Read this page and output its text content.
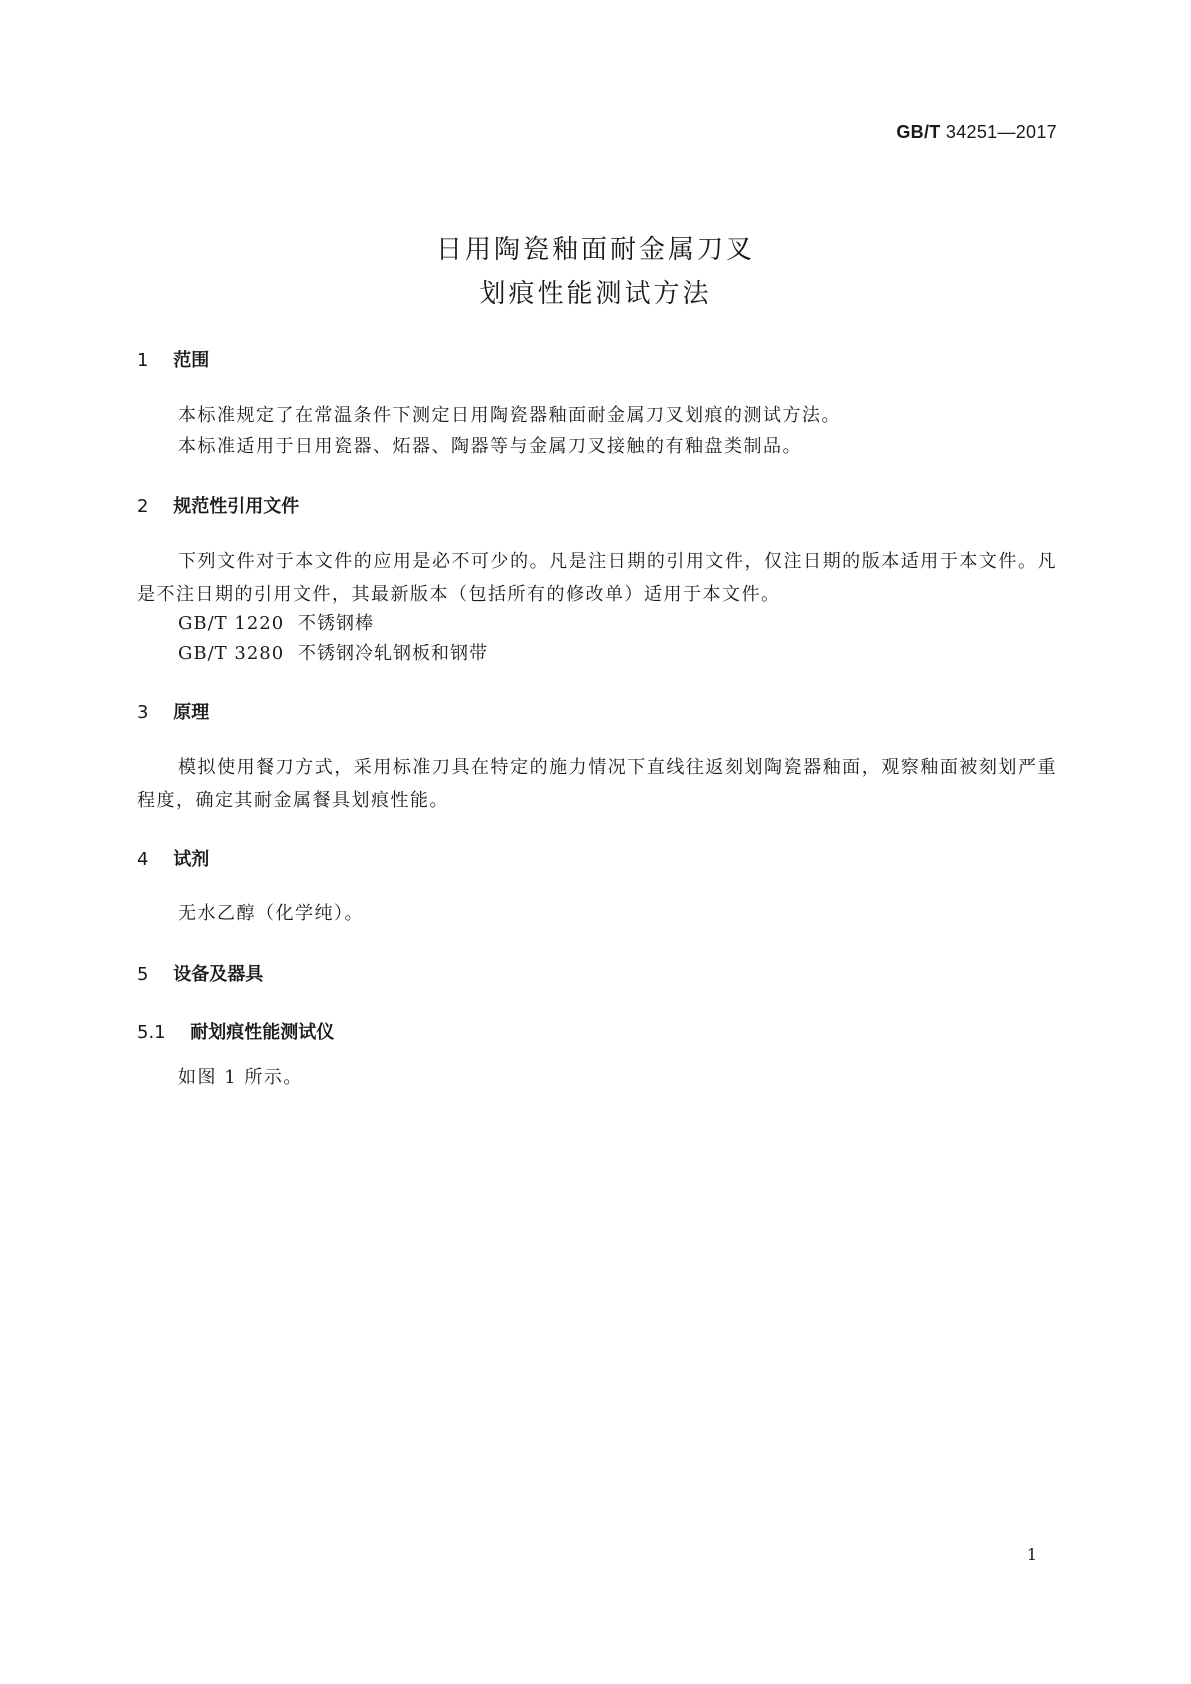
GB/T 34251—2017
日用陶瓷釉面耐金属刀叉
划痕性能测试方法
1 范围

本标准规定了在常温条件下测定日用陶瓷器釉面耐金属刀叉划痕的测试方法。

本标准适用于日用瓷器、炻器、陶器等与金属刀叉接触的有釉盘类制品。

2 规范性引用文件

下列文件对于本文件的应用是必不可少的。凡是注日期的引用文件，仅注日期的版本适用于本文件。凡是不注日期的引用文件，其最新版本（包括所有的修改单）适用于本文件。

GB/T 1220 不锈钢棒
GB/T 3280 不锈钢冷轧钢板和钢带
3 原理

模拟使用餐刀方式，采用标准刀具在特定的施力情况下直线往返刻划陶瓷器釉面，观察釉面被刻划严重程度，确定其耐金属餐具划痕性能。

4 试剂

无水乙醇（化学纯）。

5 设备及器具
5.1 耐划痕性能测试仪

如图 1 所示。

1
